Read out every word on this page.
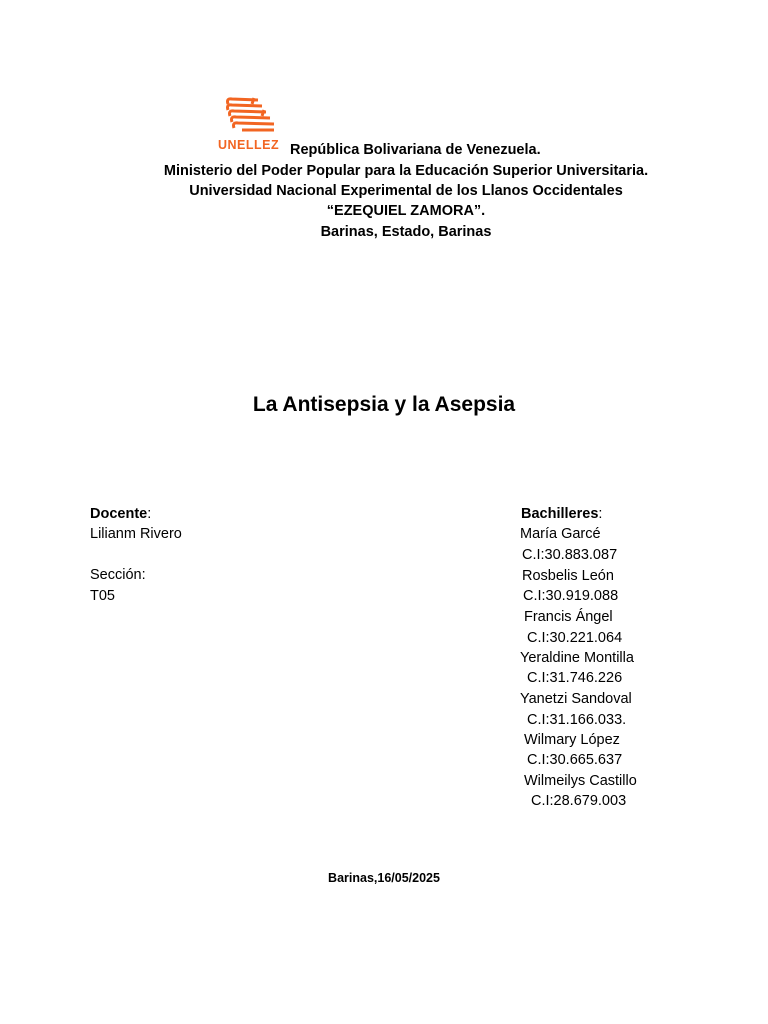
UNELLEZ República Bolivariana de Venezuela.
Ministerio del Poder Popular para la Educación Superior Universitaria.
Universidad Nacional Experimental de los Llanos Occidentales
“EZEQUIEL ZAMORA”.
Barinas, Estado, Barinas
La Antisepsia y la Asepsia
Docente:
Lilianm Rivero
Sección:
T05
Bachilleres:
María Garcé
C.I:30.883.087
Rosbelis León
C.I:30.919.088
Francis Ángel
C.I:30.221.064
Yeraldine Montilla
C.I:31.746.226
Yanetzi Sandoval
C.I:31.166.033.
Wilmary López
C.I:30.665.637
Wilmeilys Castillo
C.I:28.679.003
Barinas,16/05/2025
